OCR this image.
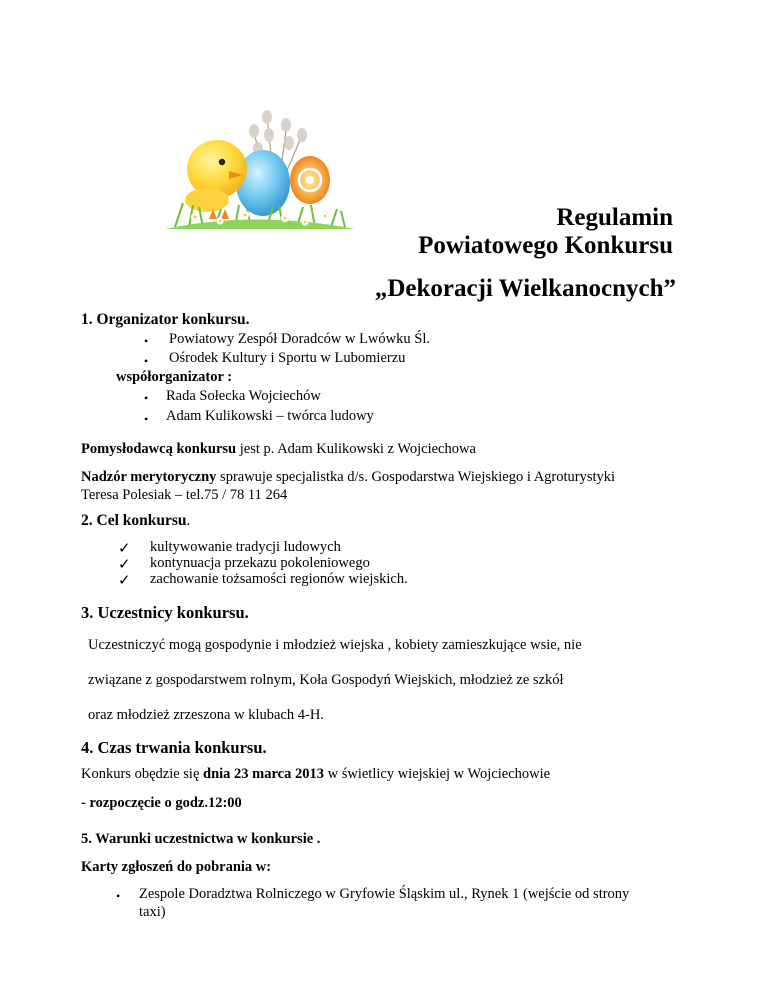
Regulamin
Powiatowego Konkursu
„Dekoracji Wielkanocnych”
1. Organizator konkursu.
• Powiatowy Zespół Doradców w Lwówku Śl.
• Ośrodek Kultury i Sportu w Lubomierzu
współorganizator :
• Rada Sołecka Wojciechów
• Adam Kulikowski – twórca ludowy
Pomysłodawcą konkursu jest p. Adam Kulikowski z Wojciechowa
Nadzór merytoryczny sprawuje specjalistka d/s. Gospodarstwa Wiejskiego i Agroturystyki
Teresa Polesiak – tel.75 / 78 11 264
2. Cel konkursu.
✓ kultywowanie tradycji ludowych
✓ kontynuacja przekazu pokoleniowego
✓ zachowanie tożsamości regionów wiejskich.
3. Uczestnicy konkursu.
Uczestniczyć mogą gospodynie i młodzież wiejska , kobiety zamieszkujące wsie, nie
związane z gospodarstwem rolnym, Koła Gospodyń Wiejskich, młodzież ze szkół
oraz młodzież zrzeszona w klubach 4-H.
4. Czas trwania konkursu.
Konkurs obędzie się dnia 23 marca 2013 w świetlicy wiejskiej w Wojciechowie
- rozpoczęcie o godz.12:00
5. Warunki uczestnictwa w konkursie .
Karty zgłoszeń do pobrania w:
• Zespole Doradztwa Rolniczego w Gryfowie Śląskim ul., Rynek 1 (wejście od strony
taxi)
